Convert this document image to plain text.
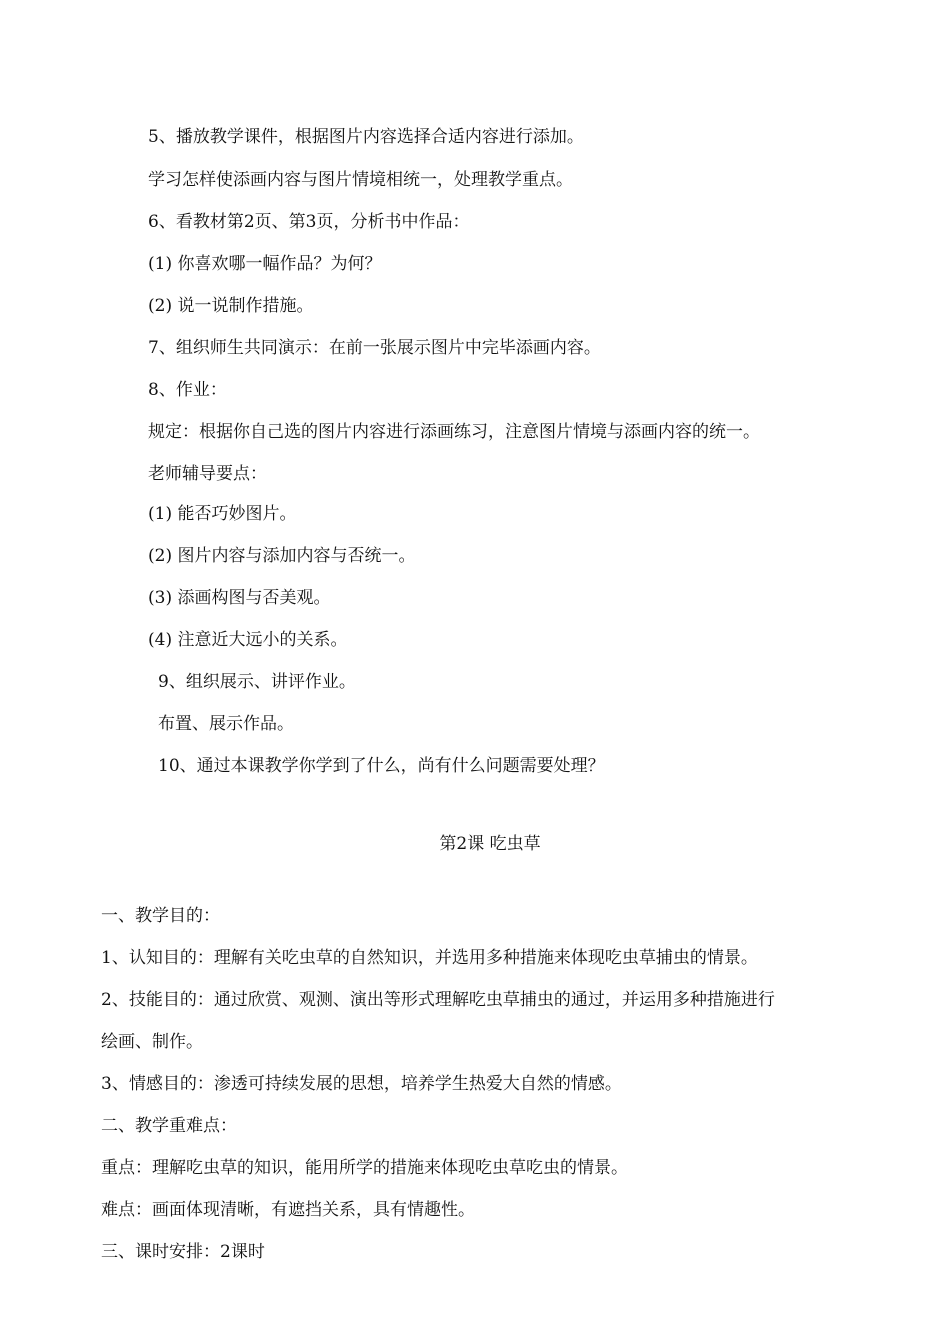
5、播放教学课件，根据图片内容选择合适内容进行添加。
学习怎样使添画内容与图片情境相统一，处理教学重点。
6、看教材第2页、第3页，分析书中作品：
(1) 你喜欢哪一幅作品？为何？
(2) 说一说制作措施。
7、组织师生共同演示：在前一张展示图片中完毕添画内容。
8、作业：
规定：根据你自己选的图片内容进行添画练习，注意图片情境与添画内容的统一。
老师辅导要点：
(1) 能否巧妙图片。
(2) 图片内容与添加内容与否统一。
(3) 添画构图与否美观。
(4) 注意近大远小的关系。
9、组织展示、讲评作业。
布置、展示作品。
10、通过本课教学你学到了什么，尚有什么问题需要处理？
第2课 吃虫草
一、教学目的：
1、认知目的：理解有关吃虫草的自然知识，并选用多种措施来体现吃虫草捕虫的情景。
2、技能目的：通过欣赏、观测、演出等形式理解吃虫草捕虫的通过，并运用多种措施进行
绘画、制作。
3、情感目的：渗透可持续发展的思想，培养学生热爱大自然的情感。
二、教学重难点：
重点：理解吃虫草的知识，能用所学的措施来体现吃虫草吃虫的情景。
难点：画面体现清晰，有遮挡关系，具有情趣性。
三、课时安排：2课时
